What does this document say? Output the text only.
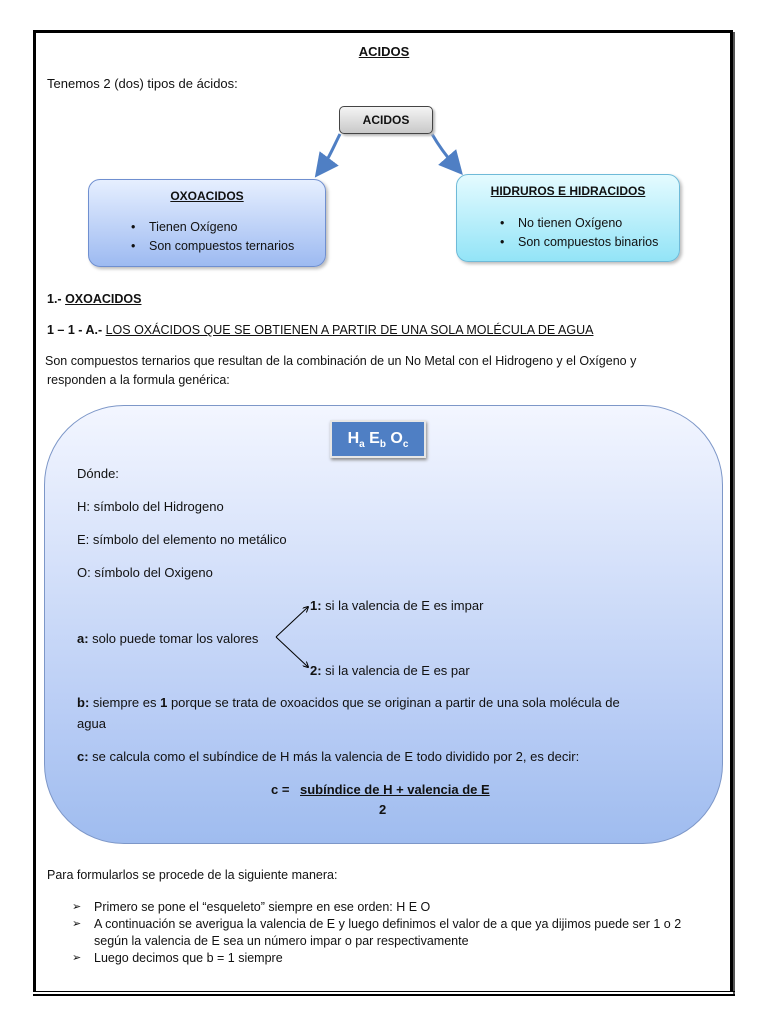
ACIDOS
Tenemos 2 (dos) tipos de ácidos:
ACIDOS
OXOACIDOS
• Tienen Oxígeno
• Son compuestos ternarios
HIDRUROS E HIDRACIDOS
• No tienen Oxígeno
• Son compuestos binarios
1.- OXOACIDOS
1 – 1 - A.- LOS OXÁCIDOS QUE SE OBTIENEN A PARTIR DE UNA SOLA MOLÉCULA DE AGUA
Son compuestos ternarios que resultan de la combinación de un No Metal con el Hidrogeno y el Oxígeno y
responden a la formula genérica:
$H_a$ $E_b$ $O_c$
Dónde:
H: símbolo del Hidrogeno
E: símbolo del elemento no metálico
O: símbolo del Oxigeno
a: solo puede tomar los valores
1: si la valencia de E es impar
2: si la valencia de E es par
b: siempre es 1 porque se trata de oxoacidos que se originan a partir de una sola molécula de
agua
c: se calcula como el subíndice de H más la valencia de E todo dividido por 2, es decir:
c = subíndice de H + valencia de E
2
Para formularlos se procede de la siguiente manera:
➢ Primero se pone el “esqueleto” siempre en ese orden: H E O
➢ A continuación se averigua la valencia de E y luego definimos el valor de a que ya dijimos puede ser 1 o 2
según la valencia de E sea un número impar o par respectivamente
➢ Luego decimos que b = 1 siempre
